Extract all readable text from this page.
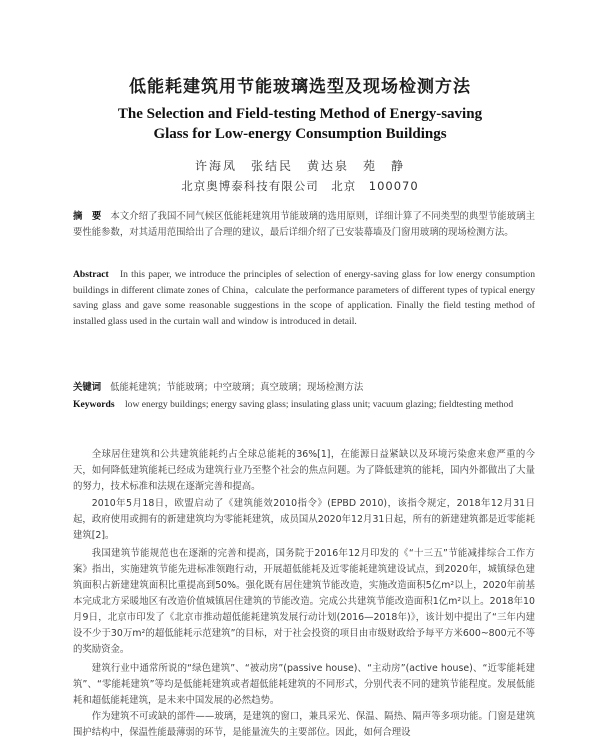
低能耗建筑用节能玻璃选型及现场检测方法
The Selection and Field-testing Method of Energy-saving
Glass for Low-energy Consumption Buildings
许海凤　张结民　黄达泉　苑　静
北京奥博泰科技有限公司　北京　100070
摘　要 本文介绍了我国不同气候区低能耗建筑用节能玻璃的选用原则，详细计算了不同类型的典型节能玻璃主要性能参数，对其适用范围给出了合理的建议，最后详细介绍了已安装幕墙及门窗用玻璃的现场检测方法。
Abstract In this paper, we introduce the principles of selection of energy-saving glass for low energy consumption buildings in different climate zones of China，calculate the performance parameters of different types of typical energy saving glass and gave some reasonable suggestions in the scope of application. Finally the field testing method of installed glass used in the curtain wall and window is introduced in detail.
关键词 低能耗建筑；节能玻璃；中空玻璃；真空玻璃；现场检测方法
Keywords low energy buildings; energy saving glass; insulating glass unit; vacuum glazing; fieldtesting method

全球居住建筑和公共建筑能耗约占全球总能耗的36%[1]，在能源日益紧缺以及环境污染愈来愈严重的今天，如何降低建筑能耗已经成为建筑行业乃至整个社会的焦点问题。为了降低建筑的能耗，国内外都做出了大量的努力，技术标准和法规在逐渐完善和提高。

2010年5月18日，欧盟启动了《建筑能效2010指令》(EPBD 2010)，该指令规定，2018年12月31日起，政府使用或拥有的新建建筑均为零能耗建筑，成员国从2020年12月31日起，所有的新建建筑都是近零能耗建筑[2]。

我国建筑节能规范也在逐渐的完善和提高，国务院于2016年12月印发的《“十三五”节能减排综合工作方案》指出，实施建筑节能先进标准领跑行动，开展超低能耗及近零能耗建筑建设试点，到2020年，城镇绿色建筑面积占新建建筑面积比重提高到50%。强化既有居住建筑节能改造，实施改造面积5亿m²以上，2020年前基本完成北方采暖地区有改造价值城镇居住建筑的节能改造。完成公共建筑节能改造面积1亿m²以上。2018年10月9日，北京市印发了《北京市推动超低能耗建筑发展行动计划(2016—2018年)》，该计划中提出了“三年内建设不少于30万m²的超低能耗示范建筑”的目标，对于社会投资的项目由市级财政给予每平方米600~800元不等的奖励资金。

建筑行业中通常所说的“绿色建筑”、“被动房”(passive house)、“主动房”(active house)、“近零能耗建筑”、“零能耗建筑”等均是低能耗建筑或者超低能耗建筑的不同形式，分别代表不同的建筑节能程度。发展低能耗和超低能耗建筑，是未来中国发展的必然趋势。

作为建筑不可或缺的部件——玻璃，是建筑的窗口，兼具采光、保温、隔热、隔声等多项功能。门窗是建筑围护结构中，保温性能最薄弱的环节，是能量流失的主要部位。因此，如何合理设
